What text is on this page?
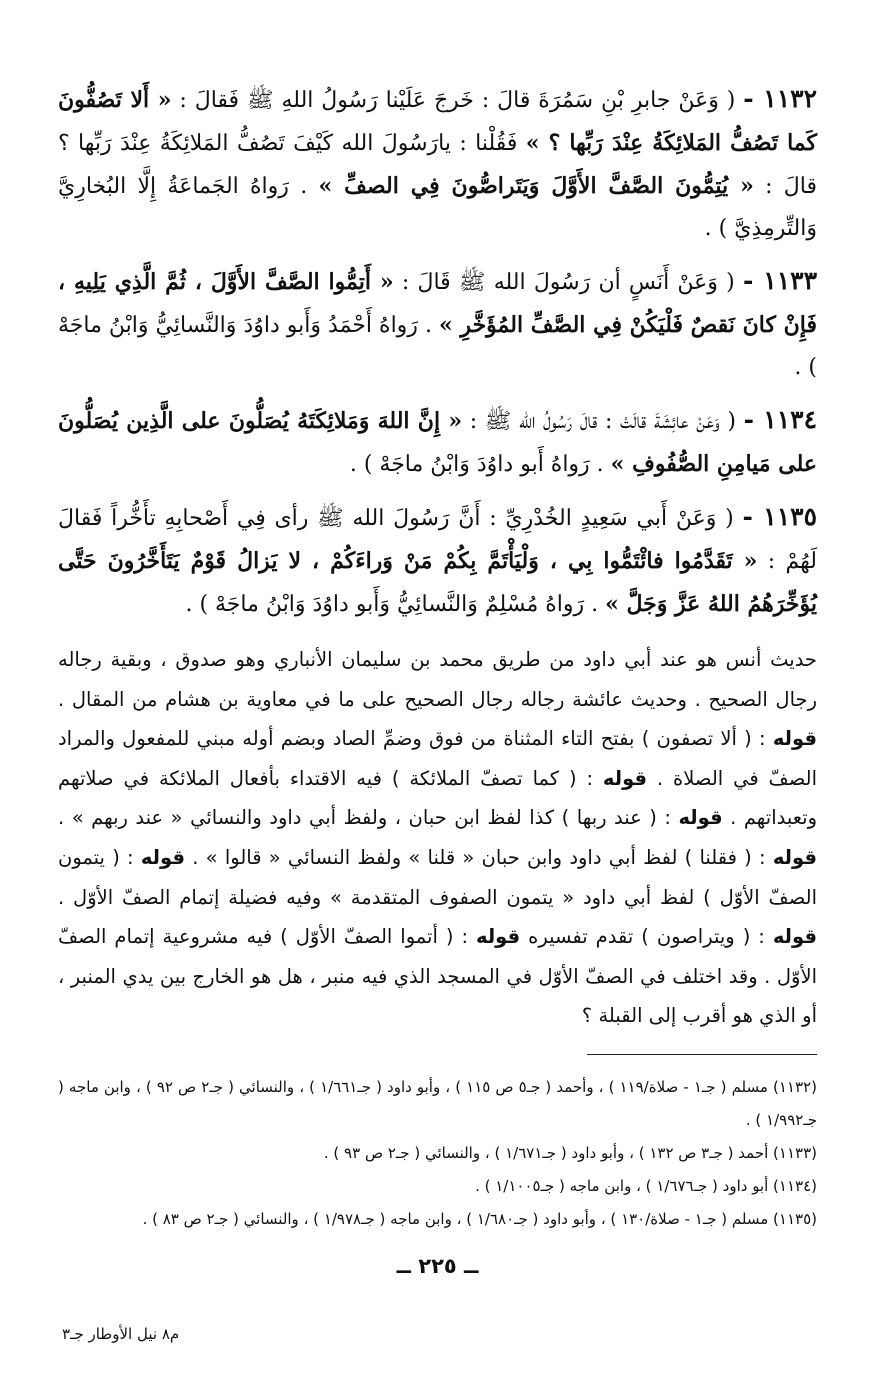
١١٣٢ - ( وَعَنْ جابرِ بْنِ سَمُرَةَ قالَ : خَرجَ عَلَيْنا رَسُولُ اللهِ ﷺ فَقالَ : « أَلا تَصُفُّونَ كَما تَصُفُّ المَلائِكَةُ عِنْدَ رَبِّها ؟ » فَقُلْنا : يارَسُولَ الله كَيْفَ تَصُفُّ المَلائِكَةُ عِنْدَ رَبِّها ؟ قالَ : « يُتِمُّونَ الصَّفَّ الأَوَّلَ وَيَتَراصُّونَ فِي الصفِّ » . رَواهُ الجَماعَةُ إِلَّا البُخارِيَّ وَالتِّرمِذِيَّ ) .

١١٣٣ - ( وَعَنْ أَنَسٍ أن رَسُولَ الله ﷺ قَالَ : « أَتِمُّوا الصَّفَّ الأَوَّلَ ، ثُمَّ الَّذِي يَلِيهِ ، فَإِنْ كانَ نَقصٌ فَلْيَكُنْ فِي الصَّفِّ المُؤَخَّرِ » . رَواهُ أَحْمَدُ وَأَبو داوُدَ وَالنَّسائِيُّ وَابْنُ ماجَهْ ) .

١١٣٤ - ( وَعَنْ عائِشَةَ قالَتْ : قالَ رَسُولُ الله ﷺ : « إِنَّ اللهَ وَمَلائِكَتَهُ يُصَلُّونَ على الَّذِين يُصَلُّونَ على مَيامِنِ الصُّفُوفِ » . رَواهُ أَبو داوُدَ وَابْنُ ماجَهْ ) .

١١٣٥ - ( وَعَنْ أَبي سَعِيدٍ الخُدْرِيِّ : أَنَّ رَسُولَ الله ﷺ رأى فِي أَصْحابِهِ تأَخُّراً فَقالَ لَهُمْ : « تَقَدَّمُوا فائْتَمُّوا بِي ، وَلْيَأْتَمَّ بِكُمْ مَنْ وَراءَكُمْ ، لا يَزالُ قَوْمٌ يَتَأَخَّرُونَ حَتَّى يُؤَخِّرَهُمُ اللهُ عَزَّ وَجَلَّ » . رَواهُ مُسْلِمٌ وَالنَّسائِيُّ وَأَبو داوُدَ وَابْنُ ماجَهْ ) .

حديث أنس هو عند أبي داود من طريق محمد بن سليمان الأنباري وهو صدوق ، وبقية رجاله رجال الصحيح . وحديث عائشة رجاله رجال الصحيح على ما في معاوية بن هشام من المقال . قوله : ( ألا تصفون ) بفتح التاء المثناة من فوق وضمِّ الصاد وبضم أوله مبني للمفعول والمراد الصفّ في الصلاة . قوله : ( كما تصفّ الملائكة ) فيه الاقتداء بأفعال الملائكة في صلاتهم وتعبداتهم . قوله : ( عند ربها ) كذا لفظ ابن حبان ، ولفظ أبي داود والنسائي « عند ربهم » . قوله : ( فقلنا ) لفظ أبي داود وابن حبان « قلنا » ولفظ النسائي « قالوا » . قوله : ( يتمون الصفّ الأوّل ) لفظ أبي داود « يتمون الصفوف المتقدمة » وفيه فضيلة إتمام الصفّ الأوّل . قوله : ( ويتراصون ) تقدم تفسيره قوله : ( أتموا الصفّ الأوّل ) فيه مشروعية إتمام الصفّ الأوّل . وقد اختلف في الصفّ الأوّل في المسجد الذي فيه منبر ، هل هو الخارج بين يدي المنبر ، أو الذي هو أقرب إلى القبلة ؟
(١١٣٢) مسلم ( جـ١ - صلاة/١١٩ ) ، وأحمد ( جـ٥ ص ١١٥ ) ، وأبو داود ( جـ١/٦٦١ ) ، والنسائي ( جـ٢ ص ٩٢ ) ، وابن ماجه ( جـ١/٩٩٢ ) .
(١١٣٣) أحمد ( جـ٣ ص ١٣٢ ) ، وأبو داود ( جـ١/٦٧١ ) ، والنسائي ( جـ٢ ص ٩٣ ) .
(١١٣٤) أبو داود ( جـ١/٦٧٦ ) ، وابن ماجه ( جـ١/١٠٠٥ ) .
(١١٣٥) مسلم ( جـ١ - صلاة/١٣٠ ) ، وأبو داود ( جـ١/٦٨٠ ) ، وابن ماجه ( جـ١/٩٧٨ ) ، والنسائي ( جـ٢ ص ٨٣ ) .
ــ ٢٢٥ ــ
م٨ نيل الأوطار جـ٣
